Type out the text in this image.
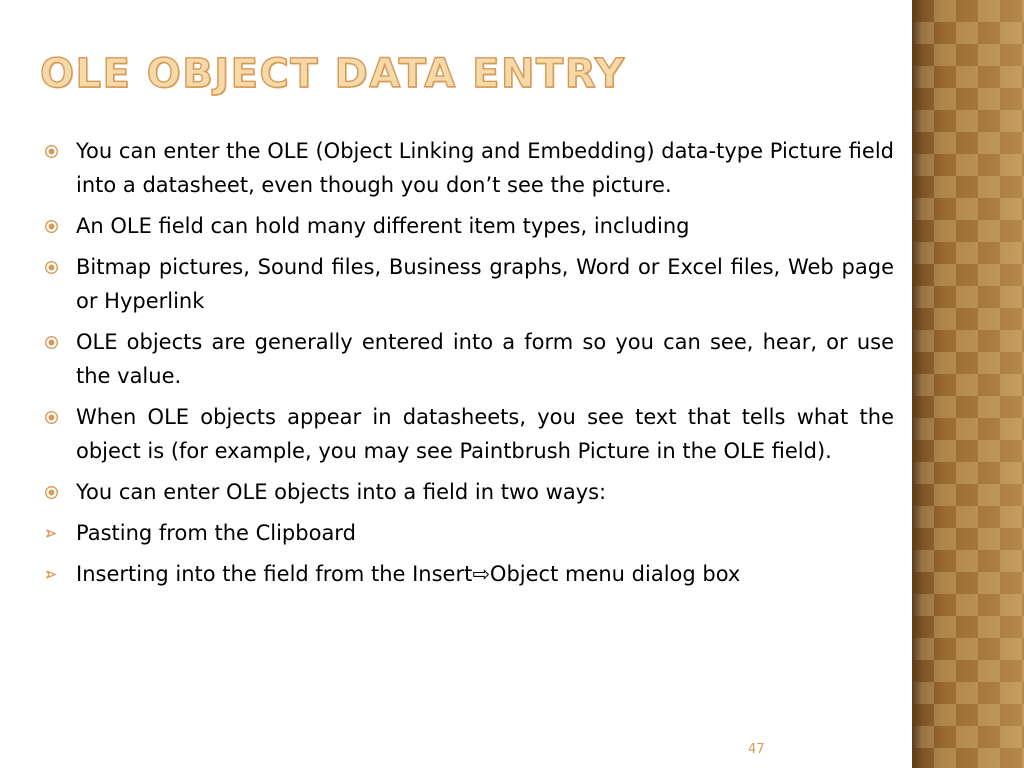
OLE OBJECT DATA ENTRY
You can enter the OLE (Object Linking and Embedding) data-type Picture field into a datasheet, even though you don’t see the picture.
An OLE field can hold many different item types, including
Bitmap pictures, Sound files, Business graphs, Word or Excel files, Web page or Hyperlink
OLE objects are generally entered into a form so you can see, hear, or use the value.
When OLE objects appear in datasheets, you see text that tells what the object is (for example, you may see Paintbrush Picture in the OLE field).
You can enter OLE objects into a field in two ways:
Pasting from the Clipboard
Inserting into the field from the Insert⇨Object menu dialog box
47
